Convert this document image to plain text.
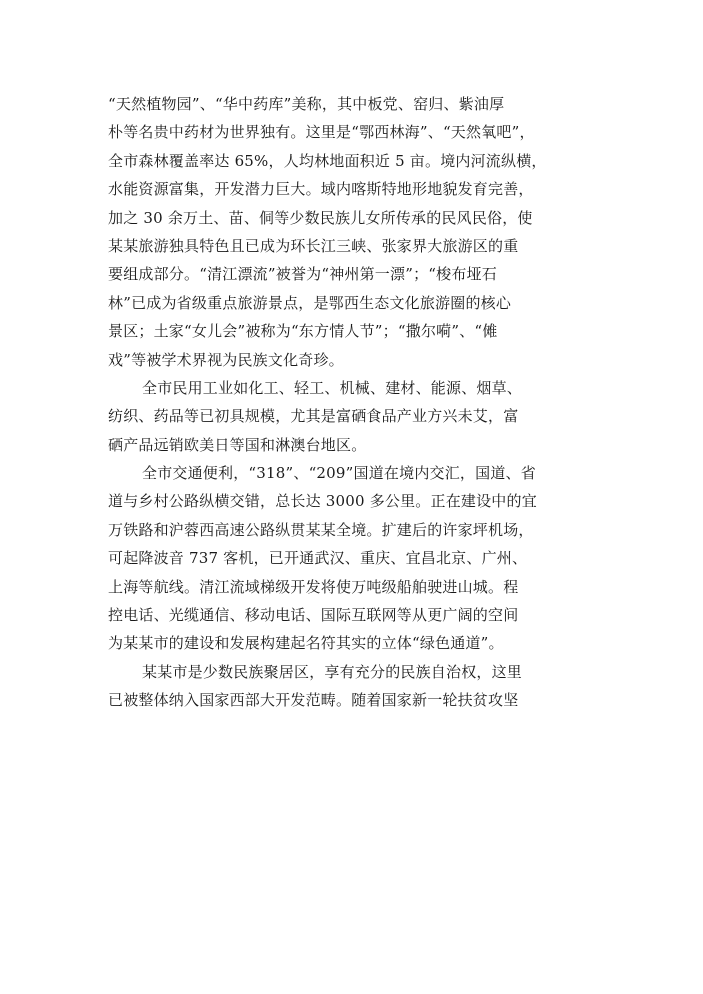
“天然植物园”、“华中药库”美称，其中板党、窑归、紫油厚
朴等名贵中药材为世界独有。这里是“鄂西林海”、“天然氧吧”，
全市森林覆盖率达 65%，人均林地面积近 5 亩。境内河流纵横，
水能资源富集，开发潜力巨大。域内喀斯特地形地貌发育完善，
加之 30 余万土、苗、侗等少数民族儿女所传承的民风民俗，使
某某旅游独具特色且已成为环长江三峡、张家界大旅游区的重
要组成部分。“清江漂流”被誉为“神州第一漂”；“梭布垭石
林”已成为省级重点旅游景点，是鄂西生态文化旅游圈的核心
景区；土家“女儿会”被称为“东方情人节”；“撒尔嗬”、“傩
戏”等被学术界视为民族文化奇珍。
全市民用工业如化工、轻工、机械、建材、能源、烟草、
纺织、药品等已初具规模，尤其是富硒食品产业方兴未艾，富
硒产品远销欧美日等国和淋澳台地区。
全市交通便利，“318”、“209”国道在境内交汇，国道、省
道与乡村公路纵横交错，总长达 3000 多公里。正在建设中的宜
万铁路和沪蓉西高速公路纵贯某某全境。扩建后的许家坪机场，
可起降波音 737 客机，已开通武汉、重庆、宜昌北京、广州、
上海等航线。清江流域梯级开发将使万吨级船舶驶进山城。程
控电话、光缆通信、移动电话、国际互联网等从更广阔的空间
为某某市的建设和发展构建起名符其实的立体“绿色通道”。
某某市是少数民族聚居区，享有充分的民族自治权，这里
已被整体纳入国家西部大开发范畴。随着国家新一轮扶贫攻坚
